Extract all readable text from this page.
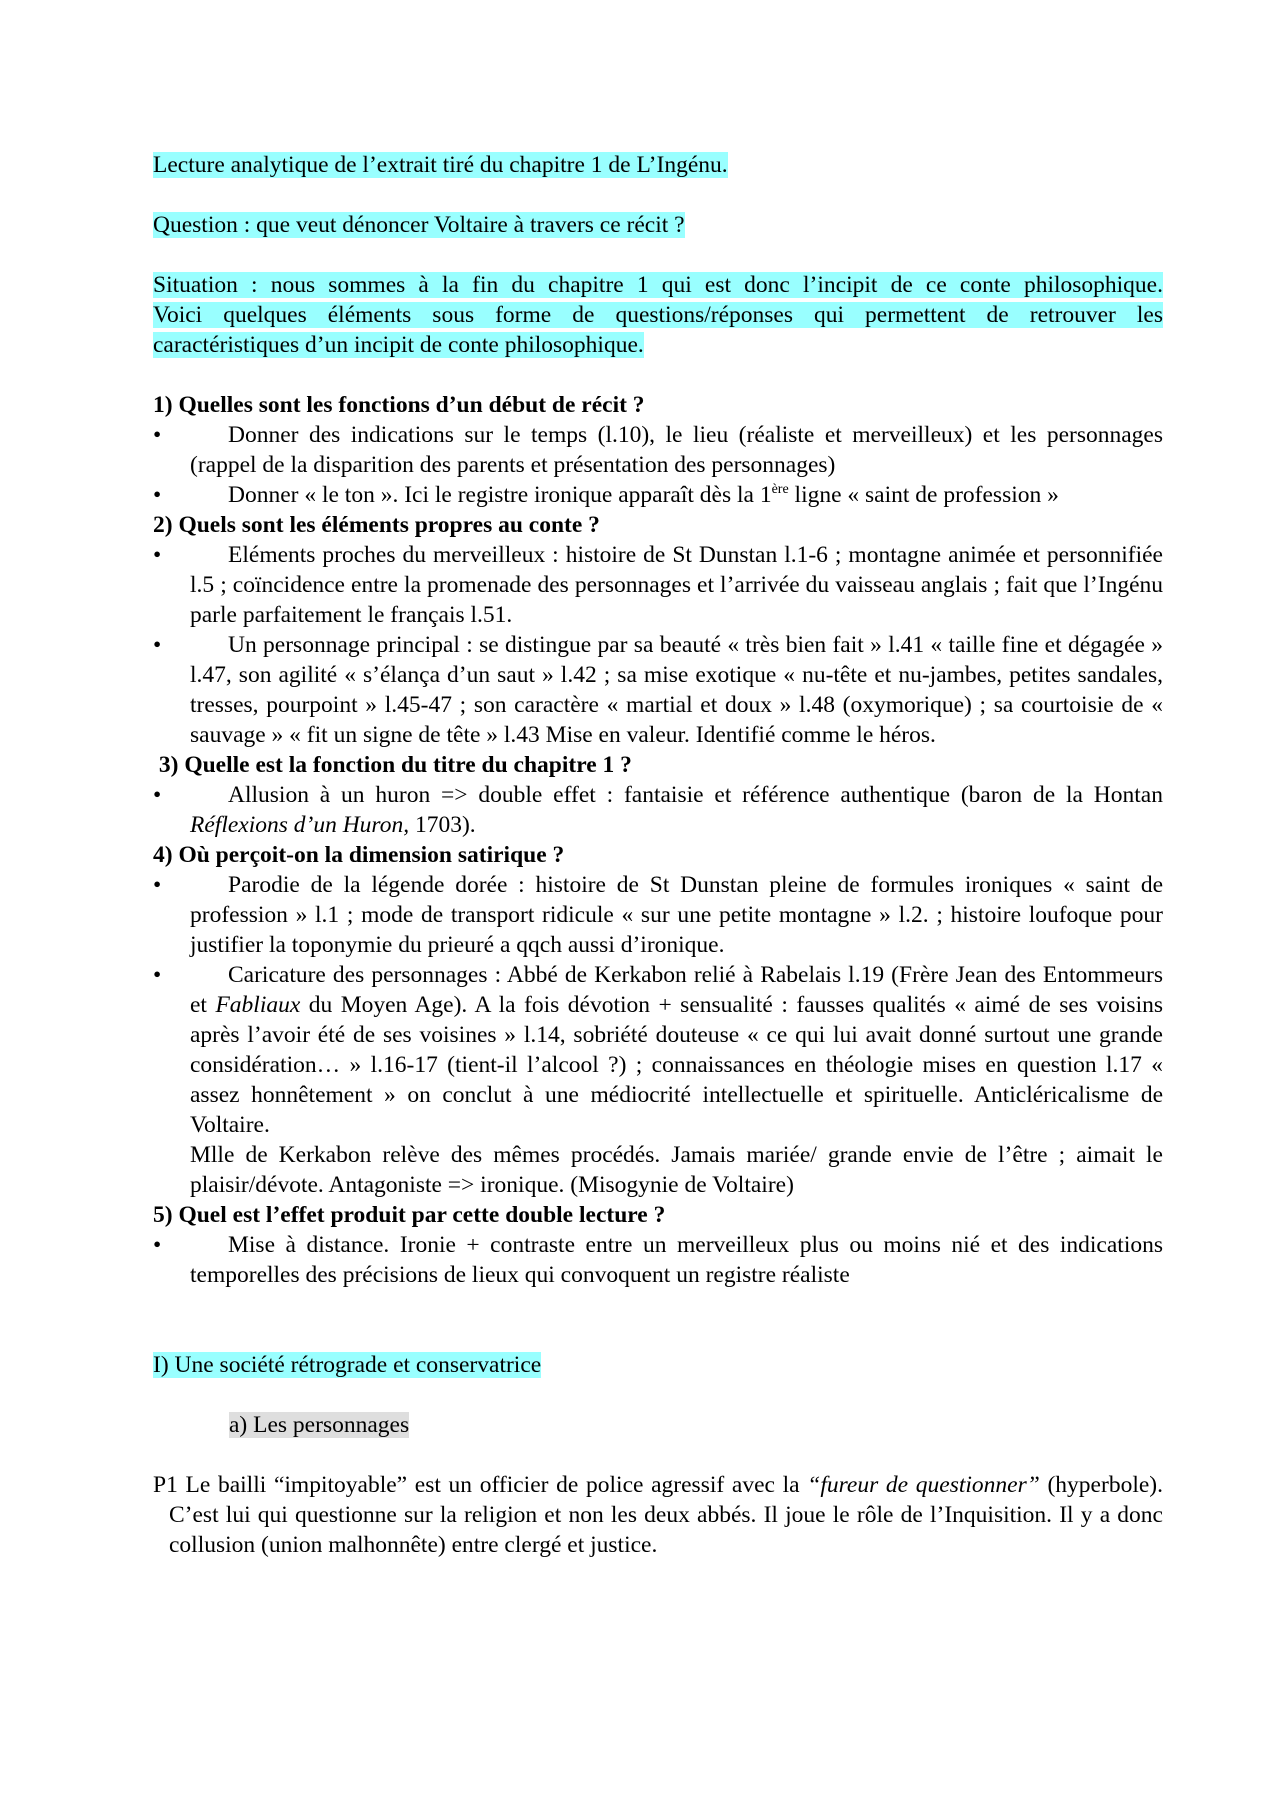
Lecture analytique de l’extrait tiré du chapitre 1 de L’Ingénu.

Question : que veut dénoncer Voltaire à travers ce récit ?

Situation : nous sommes à la fin du chapitre 1 qui est donc l’incipit de ce conte philosophique.
Voici quelques éléments sous forme de questions/réponses qui permettent de retrouver les
caractéristiques d’un incipit de conte philosophique.

1) Quelles sont les fonctions d’un début de récit ?

•	Donner des indications sur le temps (l.10), le lieu (réaliste et merveilleux) et les personnages (rappel de la disparition des parents et présentation des personnages)

•	Donner « le ton ». Ici le registre ironique apparaît dès la 1ère ligne « saint de profession »

2) Quels sont les éléments propres au conte ?

•	Eléments proches du merveilleux : histoire de St Dunstan l.1-6 ; montagne animée et personnifiée l.5 ; coïncidence entre la promenade des personnages et l’arrivée du vaisseau anglais ; fait que l’Ingénu parle parfaitement le français l.51.

•	Un personnage principal : se distingue par sa beauté « très bien fait » l.41 « taille fine et dégagée » l.47, son agilité « s’élança d’un saut » l.42 ; sa mise exotique « nu-tête et nu-jambes, petites sandales, tresses, pourpoint » l.45-47 ; son caractère « martial et doux » l.48 (oxymorique) ; sa courtoisie de « sauvage » « fit un signe de tête » l.43 Mise en valeur. Identifié comme le héros.

3) Quelle est la fonction du titre du chapitre 1 ?

•	Allusion à un huron => double effet : fantaisie et référence authentique (baron de la Hontan Réflexions d’un Huron, 1703).

4) Où perçoit-on la dimension satirique ?

•	Parodie de la légende dorée : histoire de St Dunstan pleine de formules ironiques « saint de profession » l.1 ; mode de transport ridicule « sur une petite montagne » l.2. ; histoire loufoque pour justifier la toponymie du prieuré a qqch aussi d’ironique.

•	Caricature des personnages : Abbé de Kerkabon relié à Rabelais l.19 (Frère Jean des Entommeurs et Fabliaux du Moyen Age). A la fois dévotion + sensualité : fausses qualités « aimé de ses voisins après l’avoir été de ses voisines » l.14, sobriété douteuse « ce qui lui avait donné surtout une grande considération… » l.16-17 (tient-il l’alcool ?) ; connaissances en théologie mises en question l.17 « assez honnêtement » on conclut à une médiocrité intellectuelle et spirituelle. Anticléricalisme de Voltaire.
Mlle de Kerkabon relève des mêmes procédés. Jamais mariée/ grande envie de l’être ; aimait le plaisir/dévote. Antagoniste => ironique. (Misogynie de Voltaire)

5) Quel est l’effet produit par cette double lecture ?

•	Mise à distance. Ironie + contraste entre un merveilleux plus ou moins nié et des indications temporelles des précisions de lieux qui convoquent un registre réaliste

I) Une société rétrograde et conservatrice

a) Les personnages

P1 Le bailli “impitoyable” est un officier de police agressif avec la “fureur de questionner” (hyperbole). C’est lui qui questionne sur la religion et non les deux abbés. Il joue le rôle de l’Inquisition. Il y a donc collusion (union malhonnête) entre clergé et justice.
